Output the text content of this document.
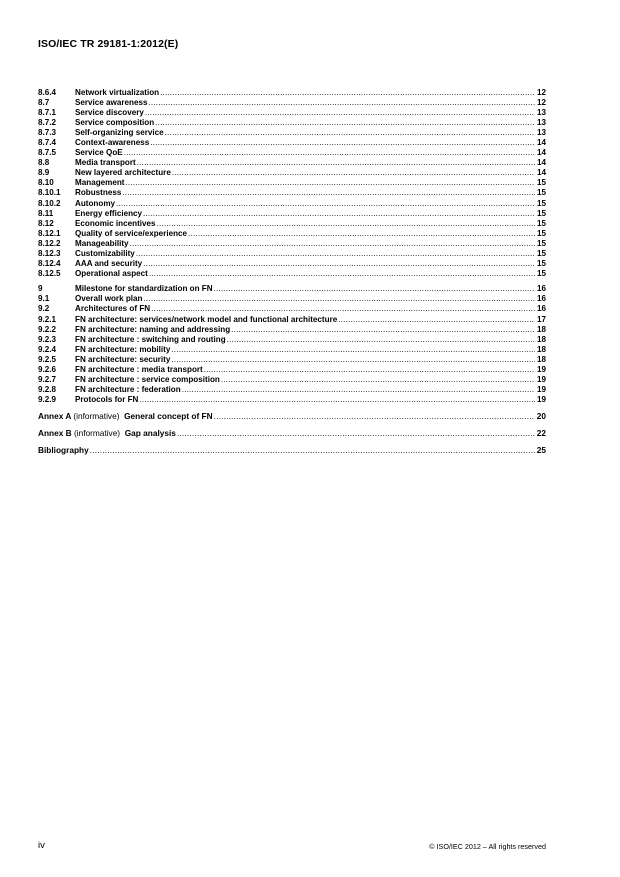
ISO/IEC TR 29181-1:2012(E)
8.6.4	Network virtualization .....	12
8.7	Service awareness .....	12
8.7.1	Service discovery .....	13
8.7.2	Service composition .....	13
8.7.3	Self-organizing service .....	13
8.7.4	Context-awareness .....	14
8.7.5	Service QoE .....	14
8.8	Media transport .....	14
8.9	New layered architecture .....	14
8.10	Management .....	15
8.10.1	Robustness .....	15
8.10.2	Autonomy .....	15
8.11	Energy efficiency .....	15
8.12	Economic incentives .....	15
8.12.1	Quality of service/experience .....	15
8.12.2	Manageability .....	15
8.12.3	Customizability .....	15
8.12.4	AAA and security .....	15
8.12.5	Operational aspect .....	15
9	Milestone for standardization on FN .....	16
9.1	Overall work plan .....	16
9.2	Architectures of FN .....	16
9.2.1	FN architecture: services/network model and functional architecture .....	17
9.2.2	FN architecture: naming and addressing .....	18
9.2.3	FN architecture : switching and routing .....	18
9.2.4	FN architecture: mobility .....	18
9.2.5	FN architecture: security .....	18
9.2.6	FN architecture : media transport .....	19
9.2.7	FN architecture : service composition .....	19
9.2.8	FN architecture : federation .....	19
9.2.9	Protocols for FN .....	19
Annex A (informative) General concept of FN .....	20
Annex B (informative) Gap analysis .....	22
Bibliography .....	25
iv	© ISO/IEC 2012 – All rights reserved
